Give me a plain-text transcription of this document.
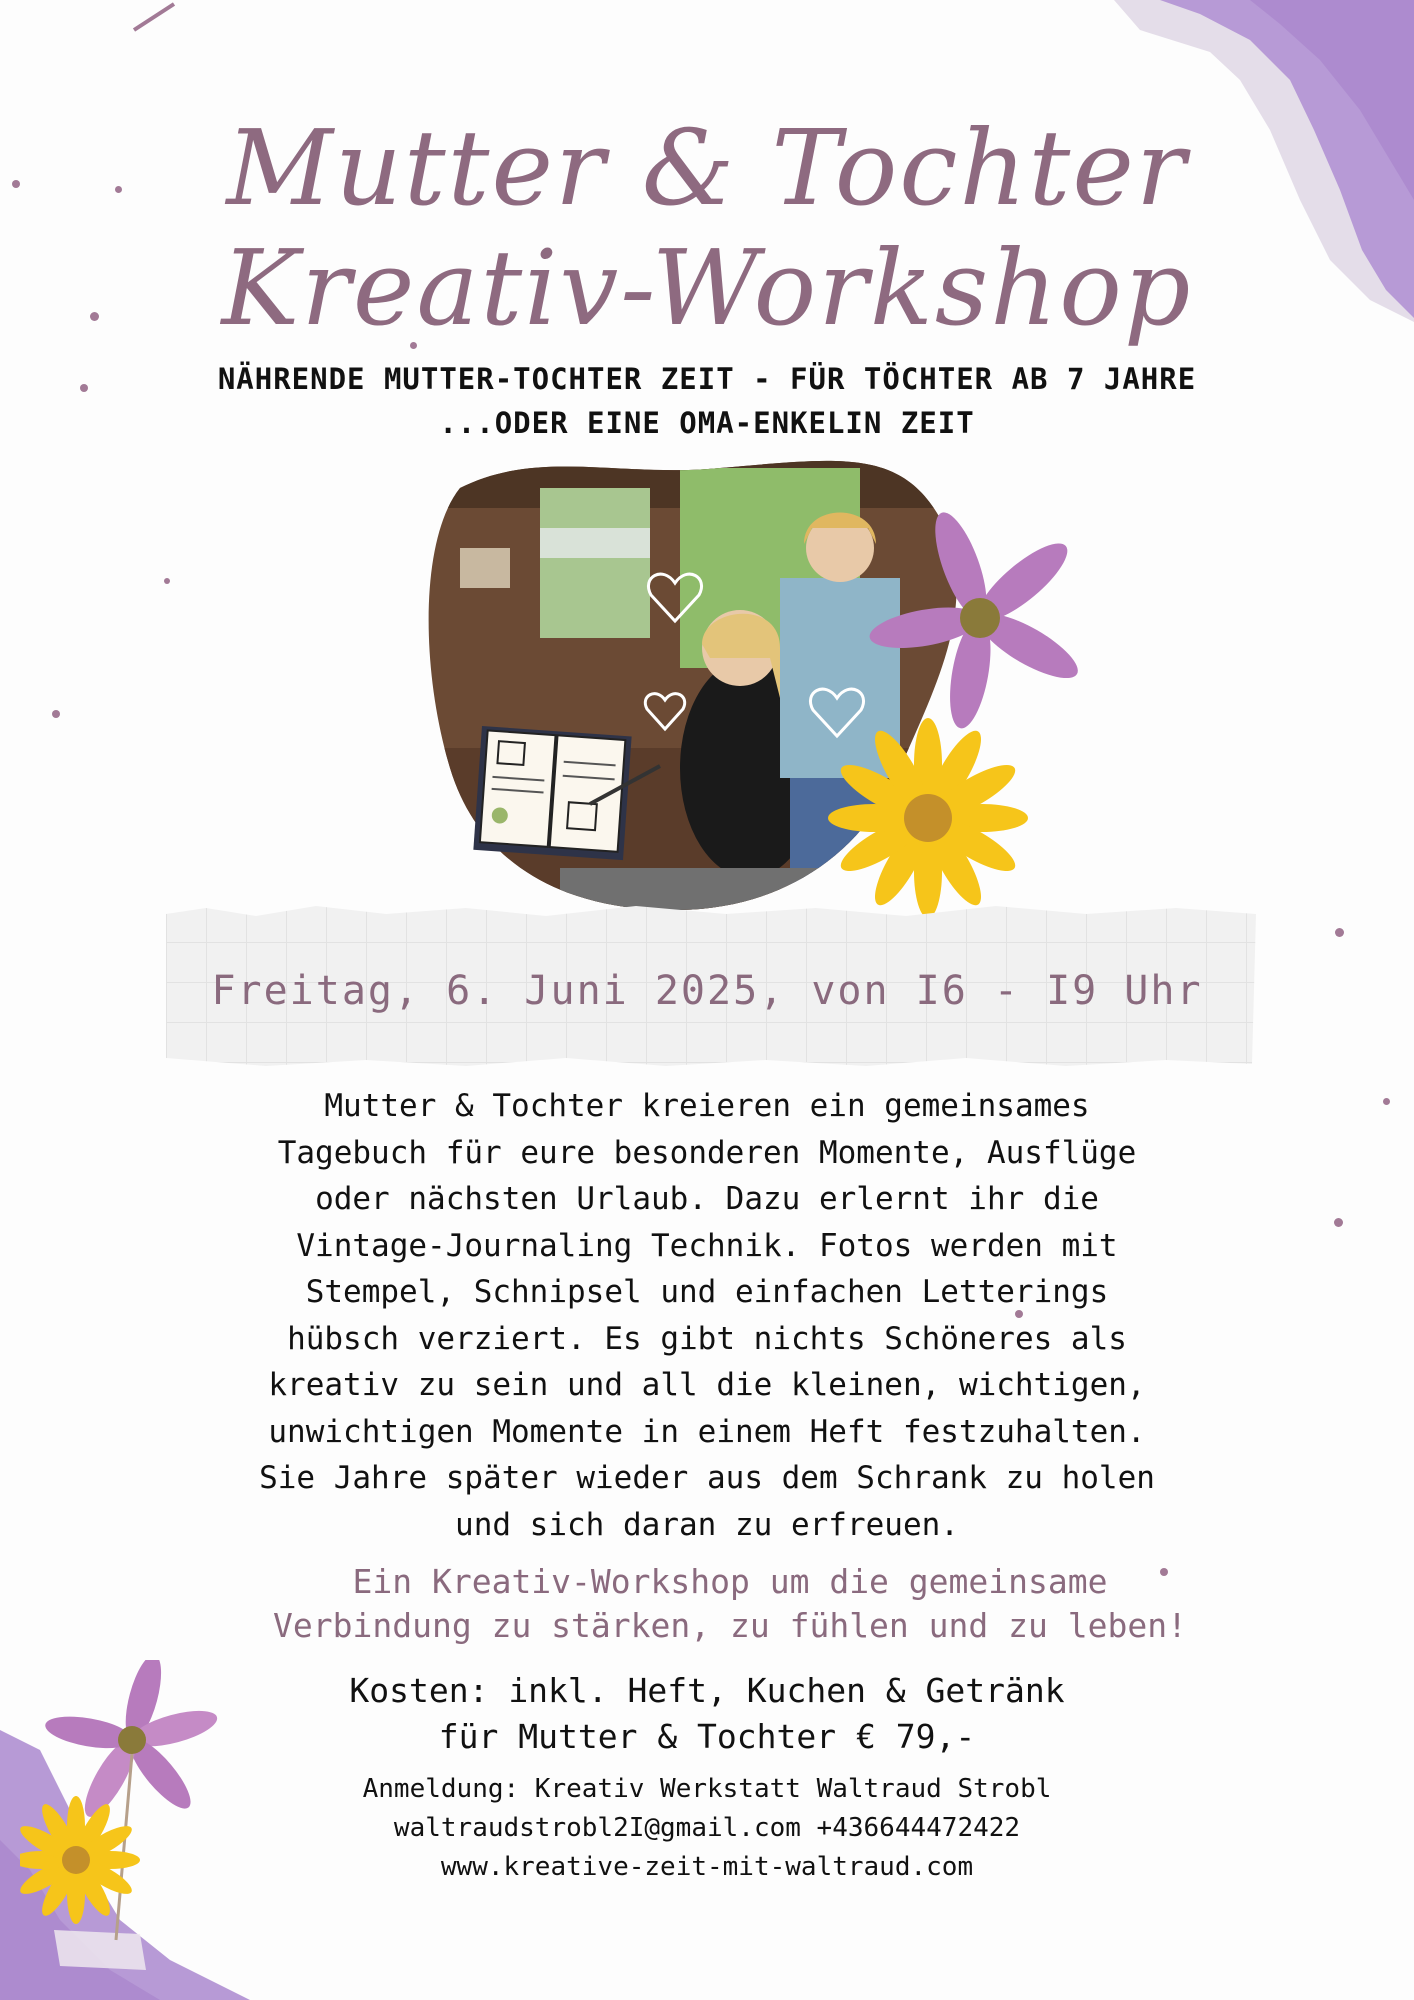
Mutter & Tochter
Kreativ-Workshop
NÄHRENDE MUTTER-TOCHTER ZEIT - FÜR TÖCHTER AB 7 JAHRE
...ODER EINE OMA-ENKELIN ZEIT
Freitag, 6. Juni 2025, von I6 - I9 Uhr
Mutter & Tochter kreieren ein gemeinsames
Tagebuch für eure besonderen Momente, Ausflüge
oder nächsten Urlaub. Dazu erlernt ihr die
Vintage-Journaling Technik. Fotos werden mit
Stempel, Schnipsel und einfachen Letterings
hübsch verziert. Es gibt nichts Schöneres als
kreativ zu sein und all die kleinen, wichtigen,
unwichtigen Momente in einem Heft festzuhalten.
Sie Jahre später wieder aus dem Schrank zu holen
und sich daran zu erfreuen.
Ein Kreativ-Workshop um die gemeinsame
Verbindung zu stärken, zu fühlen und zu leben!
Kosten: inkl. Heft, Kuchen & Getränk
für Mutter & Tochter € 79,-
Anmeldung: Kreativ Werkstatt Waltraud Strobl
waltraudstrobl2I@gmail.com +436644472422
www.kreative-zeit-mit-waltraud.com
